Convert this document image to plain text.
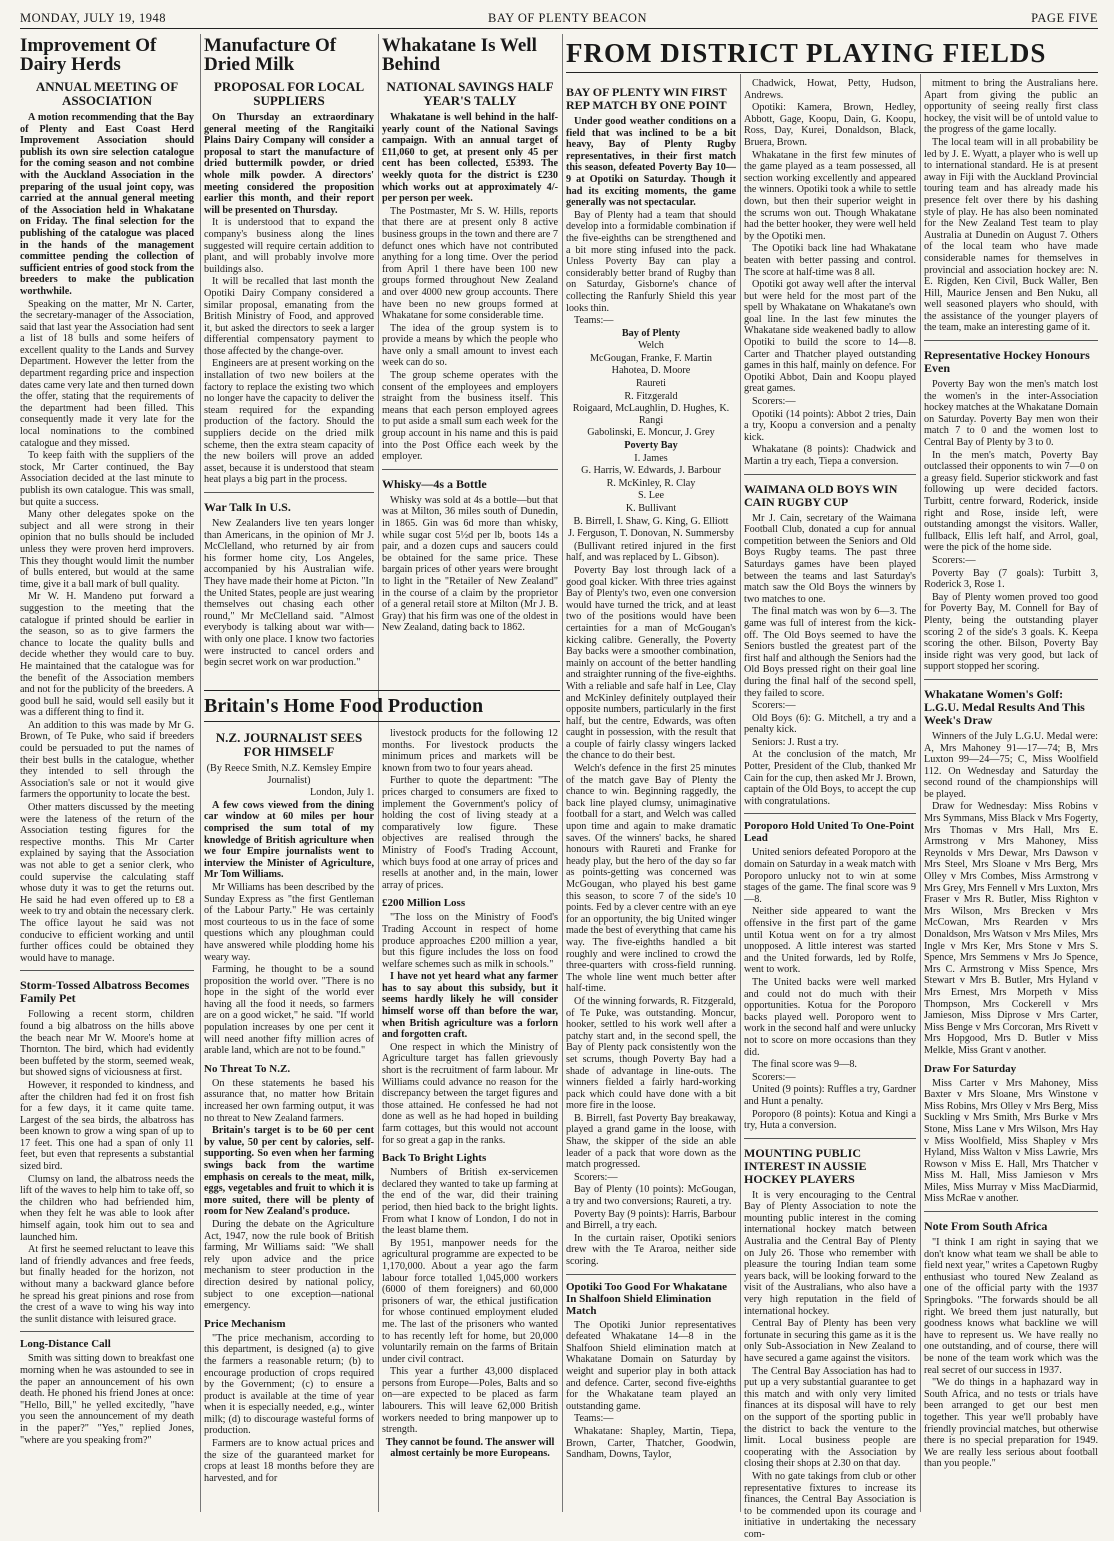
MONDAY, JULY 19, 1948	BAY OF PLENTY BEACON	PAGE FIVE
Improvement Of Dairy Herds
ANNUAL MEETING OF ASSOCIATION

A motion recommending that the Bay of Plenty and East Coast Herd Improvement Association should publish its own sire selection catalogue for the coming season and not combine with the Auckland Association in the preparing of the usual joint copy, was carried at the annual general meeting of the Association held in Whakatane on Friday. The final selection for the publishing of the catalogue was placed in the hands of the management committee pending the collection of sufficient entries of good stock from the breeders to make the publication worthwhile.

Speaking on the matter, Mr N. Carter, the secretary-manager of the Association, said that last year the Association had sent a list of 18 bulls and some heifers of excellent quality to the Lands and Survey Department. However the letter from the department regarding price and inspection dates came very late and then turned down the offer, stating that the requirements of the department had been filled. This consequently made it very late for the local nominations to the combined catalogue and they missed.

To keep faith with the suppliers of the stock, Mr Carter continued, the Bay Association decided at the last minute to publish its own catalogue. This was small, but quite a success.

Many other delegates spoke on the subject and all were strong in their opinion that no bulls should be included unless they were proven herd improvers. This they thought would limit the number of bulls entered, but would at the same time, give it a ball mark of bull quality.

Mr W. H. Mandeno put forward a suggestion to the meeting that the catalogue if printed should be earlier in the season, so as to give farmers the chance to locate the quality bulls and decide whether they would care to buy. He maintained that the catalogue was for the benefit of the Association members and not for the publicity of the breeders. A good bull he said, would sell easily but it was a different thing to find it.

An addition to this was made by Mr G. Brown, of Te Puke, who said if breeders could be persuaded to put the names of their best bulls in the catalogue, whether they intended to sell through the Association's sale or not it would give farmers the opportunity to locate the best.

Other matters discussed by the meeting were the lateness of the return of the Association testing figures for the respective months. This Mr Carter explained by saying that the Association was not able to get a senior clerk, who could supervise the calculating staff whose duty it was to get the returns out. He said he had even offered up to £8 a week to try and obtain the necessary clerk. The office layout he said was not conducive to efficient working and until further offices could be obtained they would have to manage.

Storm-Tossed Albatross Becomes Family Pet

Following a recent storm, children found a big albatross on the hills above the beach near Mr W. Moore's home at Thornton. The bird, which had evidently been buffeted by the storm, seemed weak, but showed signs of viciousness at first.

However, it responded to kindness, and after the children had fed it on frost fish for a few days, it it came quite tame. Largest of the sea birds, the albatross has been known to grow a wing span of up to 17 feet. This one had a span of only 11 feet, but even that represents a substantial sized bird.

Clumsy on land, the albatross needs the lift of the waves to help him to take off, so the children who had befriended him, when they felt he was able to look after himself again, took him out to sea and launched him.

At first he seemed reluctant to leave this land of friendly advances and free feeds, but finally headed for the horizon, not without many a backward glance before he spread his great pinions and rose from the crest of a wave to wing his way into the sunlit distance with leisured grace.

Long-Distance Call

Smith was sitting down to breakfast one morning when he was astounded to see in the paper an announcement of his own death. He phoned his friend Jones at once: "Hello, Bill," he yelled excitedly, "have you seen the announcement of my death in the paper?" "Yes," replied Jones, "where are you speaking from?"

Manufacture Of Dried Milk
PROPOSAL FOR LOCAL SUPPLIERS

On Thursday an extraordinary general meeting of the Rangitaiki Plains Dairy Company will consider a proposal to start the manufacture of dried buttermilk powder, or dried whole milk powder. A directors' meeting considered the proposition earlier this month, and their report will be presented on Thursday.

It is understood that to expand the company's business along the lines suggested will require certain addition to plant, and will probably involve more buildings also.

It will be recalled that last month the Opotiki Dairy Company considered a similar proposal, emanating from the British Ministry of Food, and approved it, but asked the directors to seek a larger differential compensatory payment to those affected by the change-over.

Engineers are at present working on the installation of two new boilers at the factory to replace the existing two which no longer have the capacity to deliver the steam required for the expanding production of the factory. Should the suppliers decide on the dried milk scheme, then the extra steam capacity of the new boilers will prove an added asset, because it is understood that steam heat plays a big part in the process.

War Talk In U.S.

New Zealanders live ten years longer than Americans, in the opinion of Mr J. McClelland, who returned by air from his former home city, Los Angeles, accompanied by his Australian wife. They have made their home at Picton. "In the United States, people are just wearing themselves out chasing each other round," Mr McClelland said. "Almost everybody is talking about war with—with only one place. I know two factories were instructed to cancel orders and begin secret work on war production."

Whakatane Is Well Behind
NATIONAL SAVINGS HALF YEAR'S TALLY

Whakatane is well behind in the half-yearly count of the National Savings campaign. With an annual target of £11,060 to get, at present only 45 per cent has been collected, £5393. The weekly quota for the district is £230 which works out at approximately 4/- per person per week.

The Postmaster, Mr S. W. Hills, reports that there are at present only 8 active business groups in the town and there are 7 defunct ones which have not contributed anything for a long time. Over the period from April 1 there have been 100 new groups formed throughout New Zealand and over 4000 new group accounts. There have been no new groups formed at Whakatane for some considerable time.

The idea of the group system is to provide a means by which the people who have only a small amount to invest each week can do so.

The group scheme operates with the consent of the employees and employers straight from the business itself. This means that each person employed agrees to put aside a small sum each week for the group account in his name and this is paid into the Post Office each week by the employer.

Whisky—4s a Bottle

Whisky was sold at 4s a bottle—but that was at Milton, 36 miles south of Dunedin, in 1865. Gin was 6d more than whisky, while sugar cost 5½d per lb, boots 14s a pair, and a dozen cups and saucers could be obtained for the same price. These bargain prices of other years were brought to light in the "Retailer of New Zealand" in the course of a claim by the proprietor of a general retail store at Milton (Mr J. B. Gray) that his firm was one of the oldest in New Zealand, dating back to 1862.

Britain's Home Food Production
N.Z. JOURNALIST SEES FOR HIMSELF

(By Reece Smith, N.Z. Kemsley Empire Journalist)

London, July 1.

A few cows viewed from the dining car window at 60 miles per hour comprised the sum total of my knowledge of British agriculture when we four Empire journalists went to interview the Minister of Agriculture, Mr Tom Williams.

Mr Williams has been described by the Sunday Express as "the first Gentleman of the Labour Party." He was certainly most courteous to us in the face of some questions which any ploughman could have answered while plodding home his weary way.

Farming, he thought to be a sound proposition the world over. "There is no hope in the sight of the world ever having all the food it needs, so farmers are on a good wicket," he said. "If world population increases by one per cent it will need another fifty million acres of arable land, which are not to be found."

No Threat To N.Z.

On these statements he based his assurance that, no matter how Britain increased her own farming output, it was no threat to New Zealand farmers.

Britain's target is to be 60 per cent by value, 50 per cent by calories, self-supporting. So even when her farming swings back from the wartime emphasis on cereals to the meat, milk, eggs, vegetables and fruit to which it is more suited, there will be plenty of room for New Zealand's produce.

During the debate on the Agriculture Act, 1947, now the rule book of British farming, Mr Williams said: "We shall rely upon advice and the price mechanism to steer production in the direction desired by national policy, subject to one exception—national emergency.

Price Mechanism

"The price mechanism, according to this department, is designed (a) to give the farmers a reasonable return; (b) to encourage production of crops required by the Government; (c) to ensure a product is available at the time of year when it is especially needed, e.g., winter milk; (d) to discourage wasteful forms of production.

Farmers are to know actual prices and the size of the guaranteed market for crops at least 18 months before they are harvested, and for

livestock products for the following 12 months. For livestock products the minimum prices and markets will be known from two to four years ahead.

Further to quote the department: "The prices charged to consumers are fixed to implement the Government's policy of holding the cost of living steady at a comparatively low figure. These objectives are realised through the Ministry of Food's Trading Account, which buys food at one array of prices and resells at another and, in the main, lower array of prices.

£200 Million Loss

"The loss on the Ministry of Food's Trading Account in respect of home produce approaches £200 million a year, but this figure includes the loss on food welfare schemes such as milk in schools."

I have not yet heard what any farmer has to say about this subsidy, but it seems hardly likely he will consider himself worse off than before the war, when British agriculture was a forlorn and forgotten craft.

One respect in which the Ministry of Agriculture target has fallen grievously short is the recruitment of farm labour. Mr Williams could advance no reason for the discrepancy between the target figures and those attained. He confessed he had not done as well as he had hoped in building farm cottages, but this would not account for so great a gap in the ranks.

Back To Bright Lights

Numbers of British ex-servicemen declared they wanted to take up farming at the end of the war, did their training period, then hied back to the bright lights. From what I know of London, I do not in the least blame them.

By 1951, manpower needs for the agricultural programme are expected to be 1,170,000. About a year ago the farm labour force totalled 1,045,000 workers (6000 of them foreigners) and 60,000 prisoners of war, the ethical justification for whose continued employment eluded me. The last of the prisoners who wanted to has recently left for home, but 20,000 voluntarily remain on the farms of Britain under civil contract.

This year a further 43,000 displaced persons from Europe—Poles, Balts and so on—are expected to be placed as farm labourers. This will leave 62,000 British workers needed to bring manpower up to strength.

They cannot be found. The answer will almost certainly be more Europeans.

FROM DISTRICT PLAYING FIELDS
BAY OF PLENTY WIN FIRST REP MATCH BY ONE POINT

Under good weather conditions on a field that was inclined to be a bit heavy, Bay of Plenty Rugby representatives, in their first match this season, defeated Poverty Bay 10—9 at Opotiki on Saturday. Though it had its exciting moments, the game generally was not spectacular.

Bay of Plenty had a team that should develop into a formidable combination if the five-eighths can be strengthened and a bit more sting infused into the pack. Unless Poverty Bay can play a considerably better brand of Rugby than on Saturday, Gisborne's chance of collecting the Ranfurly Shield this year looks thin.

Teams:—

Bay of Plenty

Welch

McGougan, Franke, F. Martin

Hahotea, D. Moore

Raureti

R. Fitzgerald

Roigaard, McLaughlin, D. Hughes, K. Rangi

Gabolinski, E. Moncur, J. Grey

Poverty Bay

I. James

G. Harris, W. Edwards, J. Barbour

R. McKinley, R. Clay

S. Lee

K. Bullivant

B. Birrell, I. Shaw, G. King, G. Elliott

J. Ferguson, T. Donovan, N. Summersby

(Bullivant retired injured in the first half, and was replaced by L. Gibson).

Poverty Bay lost through lack of a good goal kicker. With three tries against Bay of Plenty's two, even one conversion would have turned the trick, and at least two of the positions would have been certainties for a man of McGougan's kicking calibre. Generally, the Poverty Bay backs were a smoother combination, mainly on account of the better handling and straighter running of the five-eighths. With a reliable and safe half in Lee, Clay and McKinley definitely outplayed their opposite numbers, particularly in the first half, but the centre, Edwards, was often caught in possession, with the result that a couple of fairly classy wingers lacked the chance to do their best.

Welch's defence in the first 25 minutes of the match gave Bay of Plenty the chance to win. Beginning raggedly, the back line played clumsy, unimaginative football for a start, and Welch was called upon time and again to make dramatic saves. Of the winners' backs, he shared honours with Raureti and Franke for heady play, but the hero of the day so far as points-getting was concerned was McGougan, who played his best game this season, to score 7 of the side's 10 points. Fed by a clever centre with an eye for an opportunity, the big United winger made the best of everything that came his way. The five-eighths handled a bit roughly and were inclined to crowd the three-quarters with cross-field running. The whole line went much better after half-time.

Of the winning forwards, R. Fitzgerald, of Te Puke, was outstanding. Moncur, hooker, settled to his work well after a patchy start and, in the second spell, the Bay of Plenty pack consistently won the set scrums, though Poverty Bay had a shade of advantage in line-outs. The winners fielded a fairly hard-working pack which could have done with a bit more fire in the loose.

B. Birrell, fast Poverty Bay breakaway, played a grand game in the loose, with Shaw, the skipper of the side an able leader of a pack that wore down as the match progressed.

Scorers:—

Bay of Plenty (10 points): McGougan, a try and two conversions; Raureti, a try.

Poverty Bay (9 points): Harris, Barbour and Birrell, a try each.

In the curtain raiser, Opotiki seniors drew with the Te Araroa, neither side scoring.

Opotiki Too Good For Whakatane In Shalfoon Shield Elimination Match

The Opotiki Junior representatives defeated Whakatane 14—8 in the Shalfoon Shield elimination match at Whakatane Domain on Saturday by weight and superior play in both attack and defence. Carter, second five-eighths for the Whakatane team played an outstanding game.

Teams:—

Whakatane: Shapley, Martin, Tiepa, Brown, Carter, Thatcher, Goodwin, Sandham, Downs, Taylor,

Chadwick, Howat, Petty, Hudson, Andrews.

Opotiki: Kamera, Brown, Hedley, Abbott, Gage, Koopu, Dain, G. Koopu, Ross, Day, Kurei, Donaldson, Black, Bruera, Brown.

Whakatane in the first few minutes of the game played as a team possessed, all section working excellently and appeared the winners. Opotiki took a while to settle down, but then their superior weight in the scrums won out. Though Whakatane had the better hooker, they were well held by the Opotiki men.

The Opotiki back line had Whakatane beaten with better passing and control. The score at half-time was 8 all.

Opotiki got away well after the interval but were held for the most part of the spell by Whakatane on Whakatane's own goal line. In the last few minutes the Whakatane side weakened badly to allow Opotiki to build the score to 14—8. Carter and Thatcher played outstanding games in this half, mainly on defence. For Opotiki Abbot, Dain and Koopu played great games.

Scorers:—

Opotiki (14 points): Abbot 2 tries, Dain a try, Koopu a conversion and a penalty kick.

Whakatane (8 points): Chadwick and Martin a try each, Tiepa a conversion.

WAIMANA OLD BOYS WIN CAIN RUGBY CUP

Mr J. Cain, secretary of the Waimana Football Club, donated a cup for annual competition between the Seniors and Old Boys Rugby teams. The past three Saturdays games have been played between the teams and last Saturday's match saw the Old Boys the winners by two matches to one.

The final match was won by 6—3. The game was full of interest from the kick-off. The Old Boys seemed to have the Seniors bustled the greatest part of the first half and although the Seniors had the Old Boys pressed right on their goal line during the final half of the second spell, they failed to score.

Scorers:—

Old Boys (6): G. Mitchell, a try and a penalty kick.

Seniors: J. Rust a try.

At the conclusion of the match, Mr Potter, President of the Club, thanked Mr Cain for the cup, then asked Mr J. Brown, captain of the Old Boys, to accept the cup with congratulations.

Poroporo Hold United To One-Point Lead

United seniors defeated Poroporo at the domain on Saturday in a weak match with Poroporo unlucky not to win at some stages of the game. The final score was 9—8.

Neither side appeared to want the offensive in the first part of the game until Kotua went on for a try almost unopposed. A little interest was started and the United forwards, led by Rolfe, went to work.

The United backs were well marked and could not do much with their opportunities. Kotua for the Poroporo backs played well. Poroporo went to work in the second half and were unlucky not to score on more occasions than they did.

The final score was 9—8.

Scorers:—

United (9 points): Ruffles a try, Gardner and Hunt a penalty.

Poroporo (8 points): Kotua and Kingi a try, Huta a conversion.

MOUNTING PUBLIC INTEREST IN AUSSIE HOCKEY PLAYERS

It is very encouraging to the Central Bay of Plenty Association to note the mounting public interest in the coming international hockey match between Australia and the Central Bay of Plenty on July 26. Those who remember with pleasure the touring Indian team some years back, will be looking forward to the visit of the Australians, who also have a very high reputation in the field of international hockey.

Central Bay of Plenty has been very fortunate in securing this game as it is the only Sub-Association in New Zealand to have secured a game against the visitors.

The Central Bay Association has had to put up a very substantial guarantee to get this match and with only very limited finances at its disposal will have to rely on the support of the sporting public in the district to back the venture to the limit. Local business people are cooperating with the Association by closing their shops at 2.30 on that day.

With no gate takings from club or other representative fixtures to increase its finances, the Central Bay Association is to be commended upon its courage and initiative in undertaking the necessary com-

mitment to bring the Australians here. Apart from giving the public an opportunity of seeing really first class hockey, the visit will be of untold value to the progress of the game locally.

The local team will in all probability be led by J. E. Wyatt, a player who is well up to international standard. He is at present away in Fiji with the Auckland Provincial touring team and has already made his presence felt over there by his dashing style of play. He has also been nominated for the New Zealand Test team to play Australia at Dunedin on August 7. Others of the local team who have made considerable names for themselves in provincial and association hockey are: N. E. Rigden, Ken Civil, Buck Waller, Ben Hill, Maurice Jensen and Ben Nuku, all well seasoned players who should, with the assistance of the younger players of the team, make an interesting game of it.

Representative Hockey Honours Even

Poverty Bay won the men's match lost the women's in the inter-Association hockey matches at the Whakatane Domain on Saturday. Poverty Bay men won their match 7 to 0 and the women lost to Central Bay of Plenty by 3 to 0.

In the men's match, Poverty Bay outclassed their opponents to win 7—0 on a greasy field. Superior stickwork and fast following up were decided factors. Turbitt, centre forward, Roderick, inside right and Rose, inside left, were outstanding amongst the visitors. Waller, fullback, Ellis left half, and Arrol, goal, were the pick of the home side.

Scorers:—

Poverty Bay (7 goals): Turbitt 3, Roderick 3, Rose 1.

Bay of Plenty women proved too good for Poverty Bay, M. Connell for Bay of Plenty, being the outstanding player scoring 2 of the side's 3 goals. K. Keepa scoring the other. Bilson, Poverty Bay inside right was very good, but lack of support stopped her scoring.

Whakatane Women's Golf: L.G.U. Medal Results And This Week's Draw

Winners of the July L.G.U. Medal were: A, Mrs Mahoney 91—17—74; B, Mrs Luxton 99—24—75; C, Miss Woolfield 112. On Wednesday and Saturday the second round of the championships will be played.

Draw for Wednesday: Miss Robins v Mrs Symmans, Miss Black v Mrs Fogerty, Mrs Thomas v Mrs Hall, Mrs E. Armstrong v Mrs Mahoney, Miss Reynolds v Mrs Dewar, Mrs Dawson v Mrs Steel, Mrs Sloane v Mrs Berg, Mrs Olley v Mrs Combes, Miss Armstrong v Mrs Grey, Mrs Fennell v Mrs Luxton, Mrs Fraser v Mrs R. Butler, Miss Righton v Mrs Wilson, Mrs Brecken v Mrs McCowan, Mrs Rearden v Mrs Donaldson, Mrs Watson v Mrs Miles, Mrs Ingle v Mrs Ker, Mrs Stone v Mrs S. Spence, Mrs Semmens v Mrs Jo Spence, Mrs C. Armstrong v Miss Spence, Mrs Stewart v Mrs B. Butler, Mrs Hyland v Mrs Ernest, Mrs Morpeth v Miss Thompson, Mrs Cockerell v Mrs Jamieson, Miss Diprose v Mrs Carter, Miss Benge v Mrs Corcoran, Mrs Rivett v Mrs Hopgood, Mrs D. Butler v Miss Melkle, Miss Grant v another.

Draw For Saturday

Miss Carter v Mrs Mahoney, Miss Baxter v Mrs Sloane, Mrs Winstone v Miss Robins, Mrs Olley v Mrs Berg, Miss Suckling v Mrs Smith, Mrs Burke v Mrs Stone, Miss Lane v Mrs Wilson, Mrs Hay v Miss Woolfield, Miss Shapley v Mrs Hyland, Miss Walton v Miss Lawrie, Mrs Rowson v Miss E. Hall, Mrs Thatcher v Miss M. Hall, Miss Jamieson v Mrs Miles, Miss Murray v Miss MacDiarmid, Miss McRae v another.

Note From South Africa

"I think I am right in saying that we don't know what team we shall be able to field next year," writes a Capetown Rugby enthusiast who toured New Zealand as one of the official party with the 1937 Springboks. "The forwards should be all right. We breed them just naturally, but goodness knows what backline we will have to represent us. We have really no one outstanding, and of course, there will be none of the team work which was the real secret of our success in 1937.

"We do things in a haphazard way in South Africa, and no tests or trials have been arranged to get our best men together. This year we'll probably have friendly provincial matches, but otherwise there is no special preparation for 1949. We are really less serious about football than you people."
